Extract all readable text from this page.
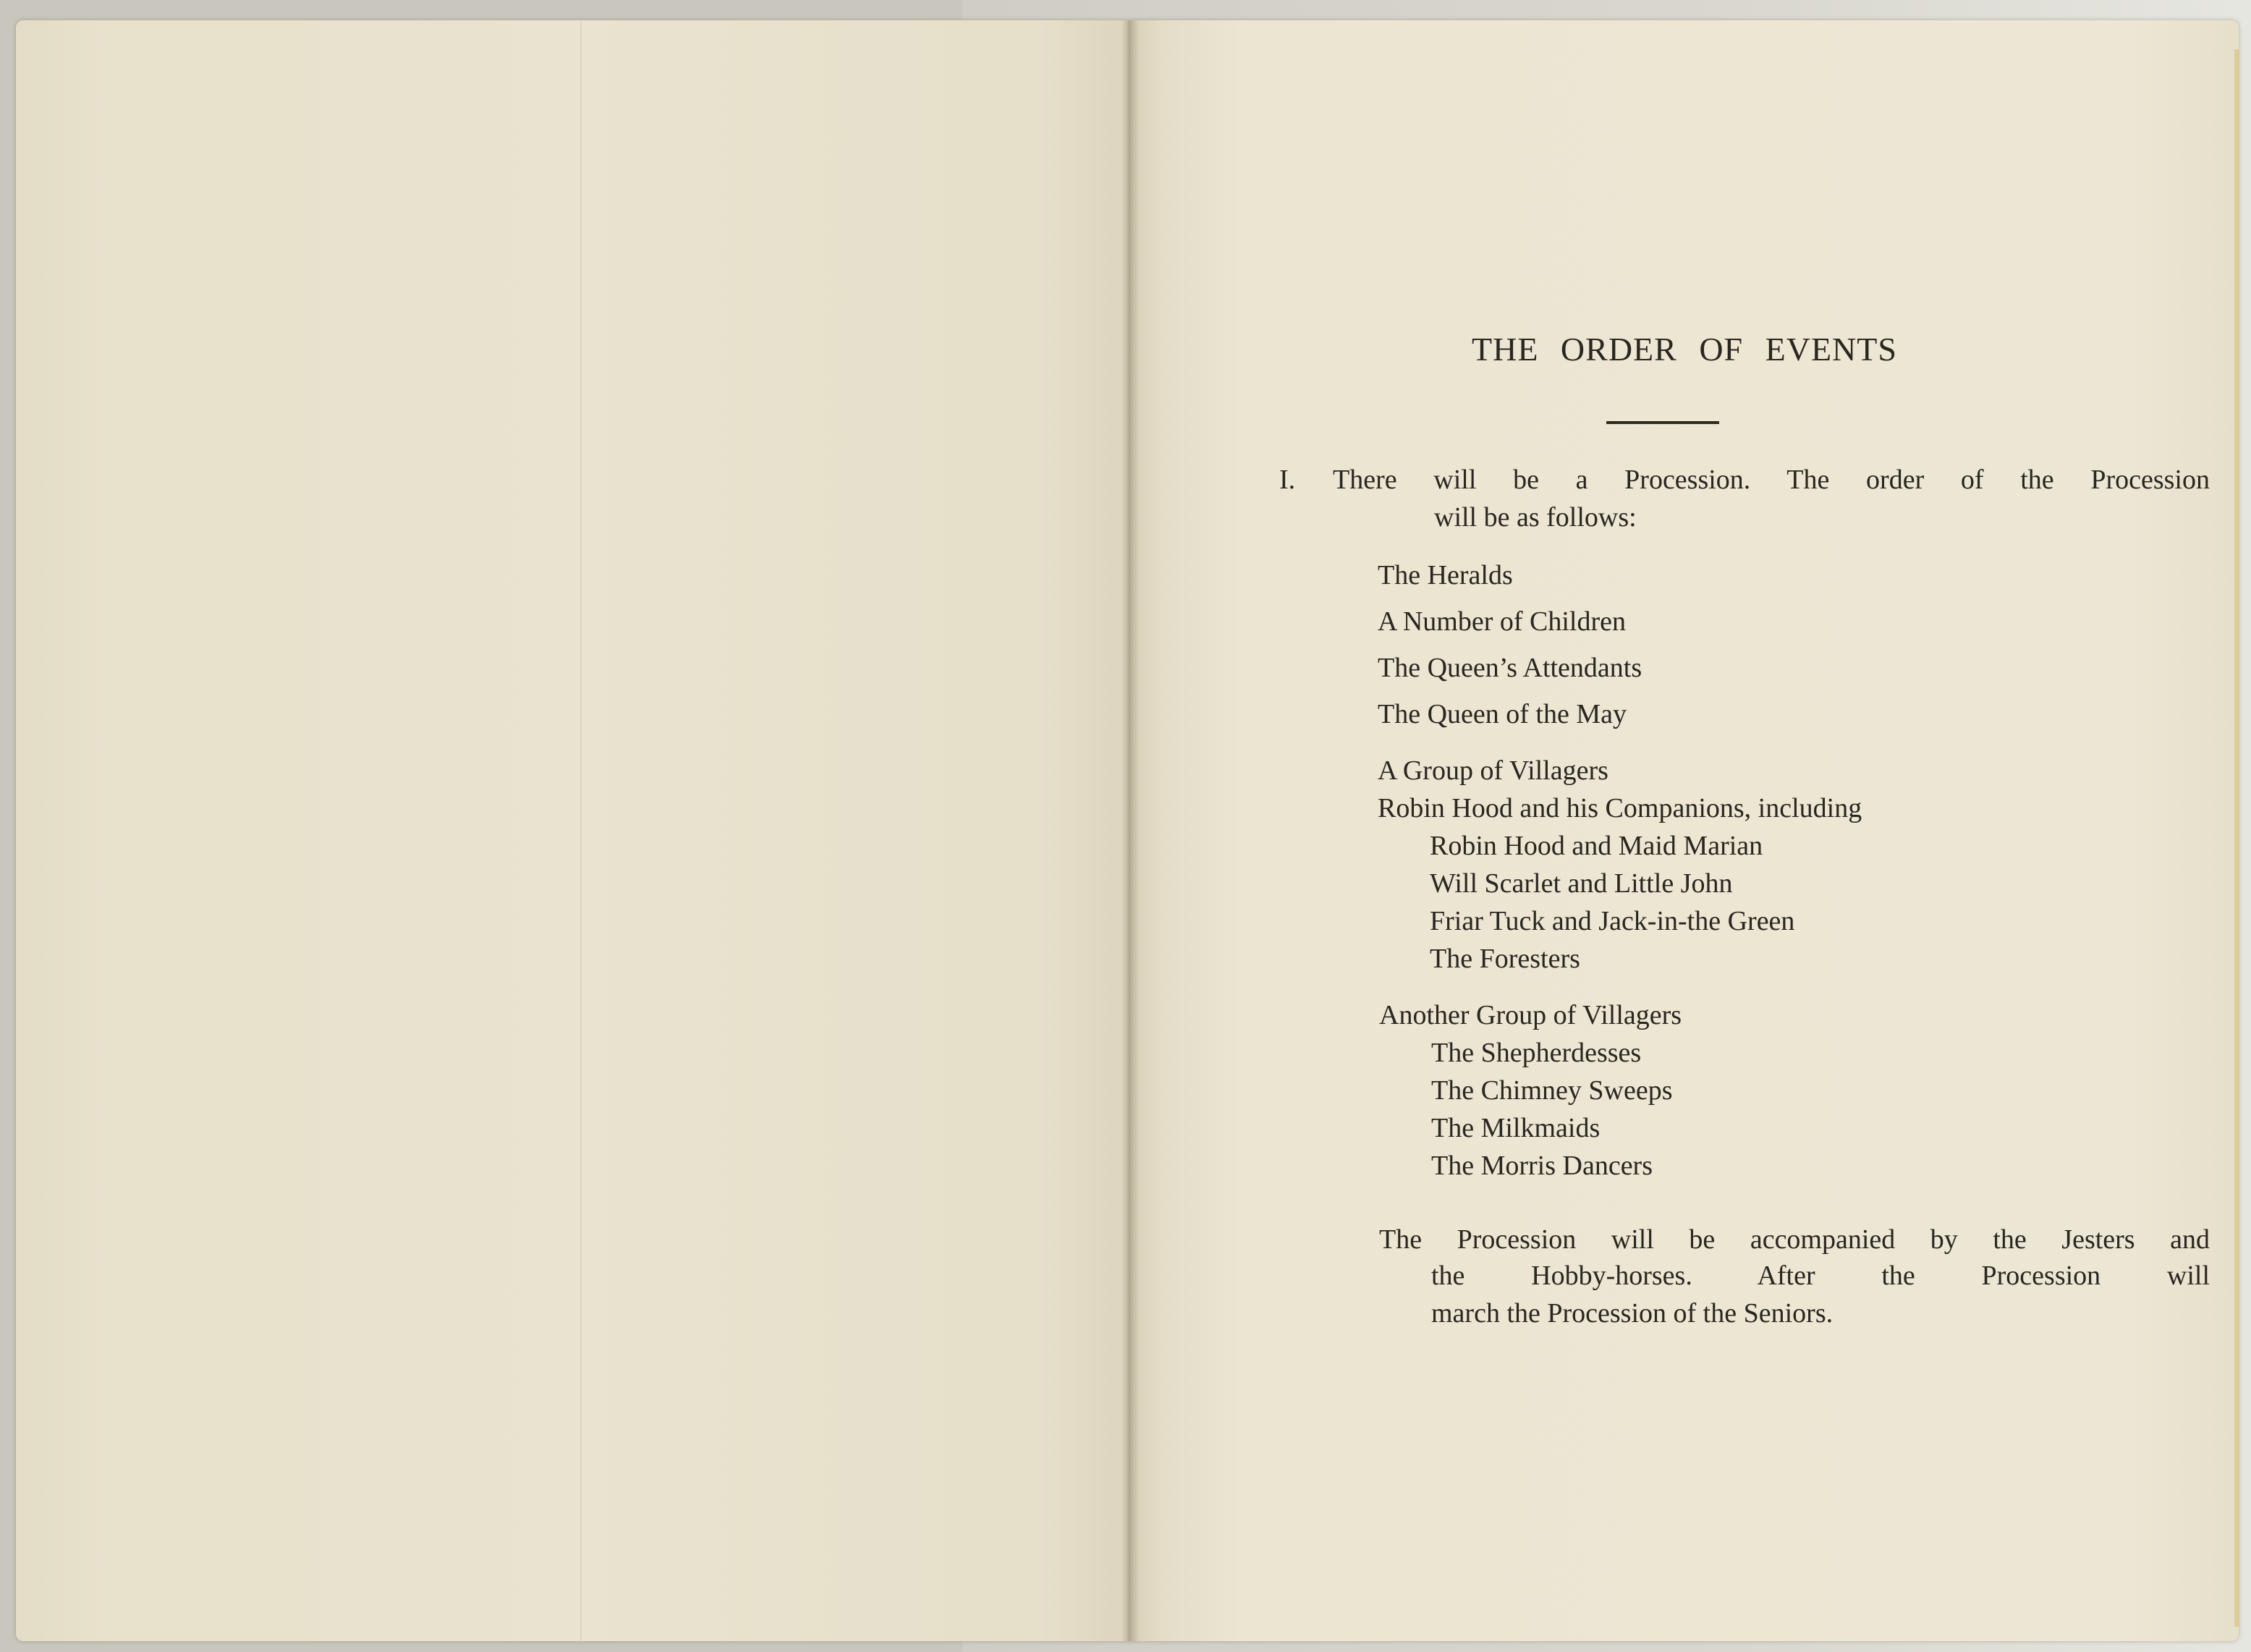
THE ORDER OF EVENTS
I. There will be a Procession. The order of the Procession
will be as follows:
The Heralds
A Number of Children
The Queen’s Attendants
The Queen of the May
A Group of Villagers
Robin Hood and his Companions, including
Robin Hood and Maid Marian
Will Scarlet and Little John
Friar Tuck and Jack-in-the Green
The Foresters
Another Group of Villagers
The Shepherdesses
The Chimney Sweeps
The Milkmaids
The Morris Dancers
The Procession will be accompanied by the Jesters and
the Hobby-horses. After the Procession will
march the Procession of the Seniors.
